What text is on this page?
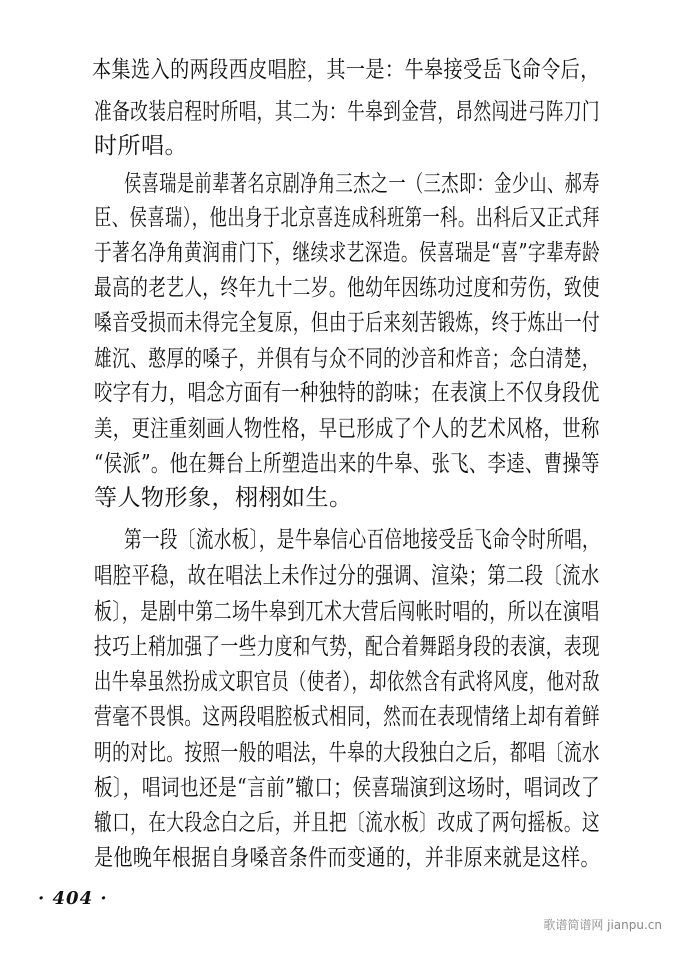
本集选入的两段西皮唱腔，其一是：牛皋接受岳飞命令后，
准备改装启程时所唱，其二为：牛皋到金营，昂然闯进弓阵刀门
时所唱。
侯喜瑞是前辈著名京剧净角三杰之一（三杰即：金少山、郝寿
臣、侯喜瑞），他出身于北京喜连成科班第一科。出科后又正式拜
于著名净角黄润甫门下，继续求艺深造。侯喜瑞是“喜”字辈寿龄
最高的老艺人，终年九十二岁。他幼年因练功过度和劳伤，致使
嗓音受损而未得完全复原，但由于后来刻苦锻炼，终于炼出一付
雄沉、憨厚的嗓子，并俱有与众不同的沙音和炸音；念白清楚，
咬字有力，唱念方面有一种独特的韵味；在表演上不仅身段优
美，更注重刻画人物性格，早已形成了个人的艺术风格，世称
“侯派”。他在舞台上所塑造出来的牛皋、张飞、李逵、曹操等
等人物形象，栩栩如生。
第一段〔流水板〕，是牛皋信心百倍地接受岳飞命令时所唱，
唱腔平稳，故在唱法上未作过分的强调、渲染；第二段〔流水
板〕，是剧中第二场牛皋到兀术大营后闯帐时唱的，所以在演唱
技巧上稍加强了一些力度和气势，配合着舞蹈身段的表演，表现
出牛皋虽然扮成文职官员（使者），却依然含有武将风度，他对敌
营毫不畏惧。这两段唱腔板式相同，然而在表现情绪上却有着鲜
明的对比。按照一般的唱法，牛皋的大段独白之后，都唱〔流水
板〕，唱词也还是“言前”辙口；侯喜瑞演到这场时，唱词改了
辙口，在大段念白之后，并且把〔流水板〕改成了两句摇板。这
是他晚年根据自身嗓音条件而变通的，并非原来就是这样。
· 404 ·
歌谱简谱网 jianpu.cn
